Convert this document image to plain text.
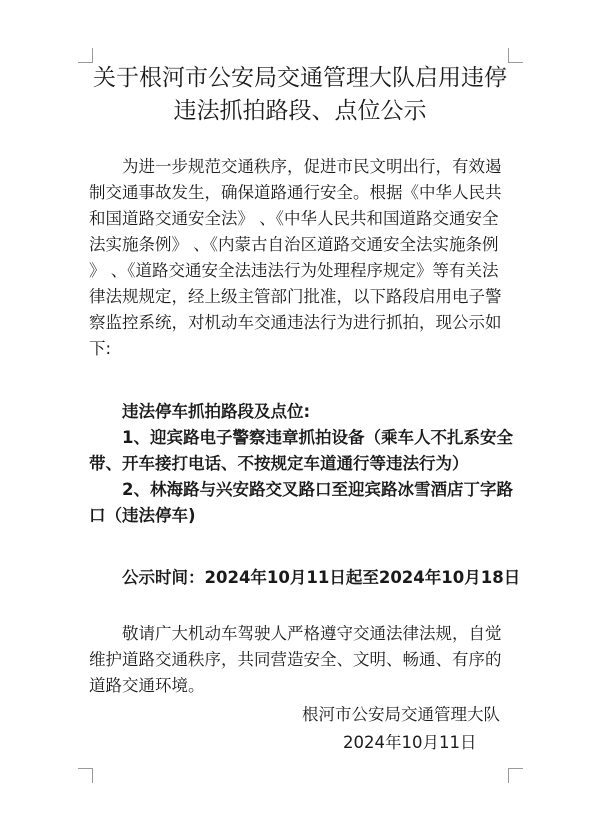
关于根河市公安局交通管理大队启用违停
违法抓拍路段、点位公示
为进一步规范交通秩序，促进市民文明出行，有效遏
制交通事故发生，确保道路通行安全。根据《中华人民共
和国道路交通安全法》 、《中华人民共和国道路交通安全
法实施条例》 、《内蒙古自治区道路交通安全法实施条例
》 、《道路交通安全法违法行为处理程序规定》等有关法
律法规规定，经上级主管部门批准，以下路段启用电子警
察监控系统，对机动车交通违法行为进行抓拍，现公示如
下:
违法停车抓拍路段及点位:
1、迎宾路电子警察违章抓拍设备（乘车人不扎系安全
带、开车接打电话、不按规定车道通行等违法行为）
2、林海路与兴安路交叉路口至迎宾路冰雪酒店丁字路
口（违法停车)
公示时间：2024年10月11日起至2024年10月18日
敬请广大机动车驾驶人严格遵守交通法律法规，自觉
维护道路交通秩序，共同营造安全、文明、畅通、有序的
道路交通环境。
根河市公安局交通管理大队
2024年10月11日
